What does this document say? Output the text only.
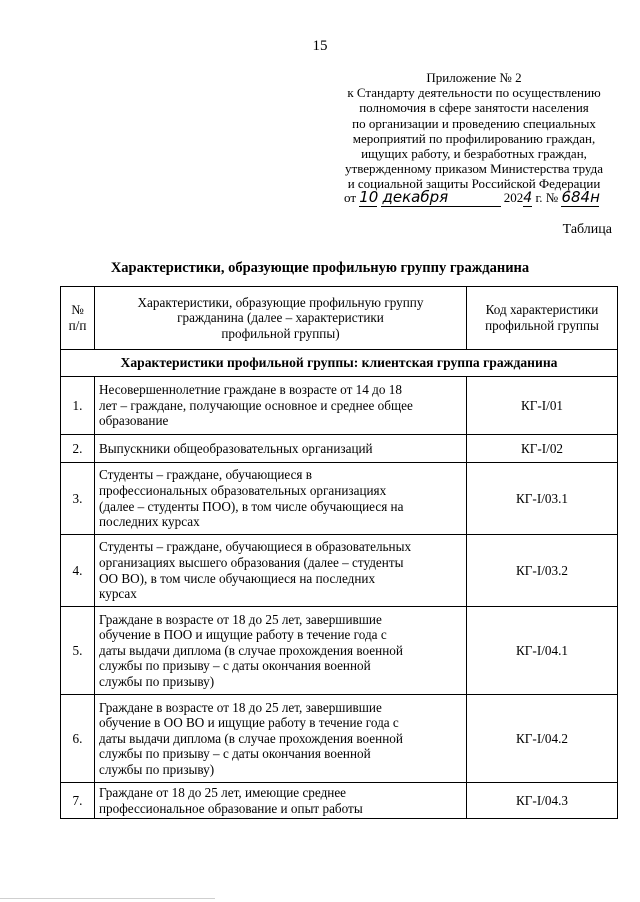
15
Приложение № 2
к Стандарту деятельности по осуществлению
полномочия в сфере занятости населения
по организации и проведению специальных
мероприятий по профилированию граждан,
ищущих работу, и безработных граждан,
утвержденному приказом Министерства труда
и социальной защиты Российской Федерации
от 10 декабря	2024 г. № 684н
Таблица
Характеристики, образующие профильную группу гражданина
№
п/п	Характеристики, образующие профильную группу
гражданина (далее – характеристики
профильной группы)	Код характеристики
профильной группы
Характеристики профильной группы: клиентская группа гражданина		
1.	Несовершеннолетние граждане в возрасте от 14 до 18
лет – граждане, получающие основное и среднее общее
образование	КГ-I/01
2.	Выпускники общеобразовательных организаций	КГ-I/02
3.	Студенты – граждане, обучающиеся в
профессиональных образовательных организациях
(далее – студенты ПОО), в том числе обучающиеся на
последних курсах	КГ-I/03.1
4.	Студенты – граждане, обучающиеся в образовательных
организациях высшего образования (далее – студенты
ОО ВО), в том числе обучающиеся на последних
курсах	КГ-I/03.2
5.	Граждане в возрасте от 18 до 25 лет, завершившие
обучение в ПОО и ищущие работу в течение года с
даты выдачи диплома (в случае прохождения военной
службы по призыву – с даты окончания военной
службы по призыву)	КГ-I/04.1
6.	Граждане в возрасте от 18 до 25 лет, завершившие
обучение в ОО ВО и ищущие работу в течение года с
даты выдачи диплома (в случае прохождения военной
службы по призыву – с даты окончания военной
службы по призыву)	КГ-I/04.2
7.	Граждане от 18 до 25 лет, имеющие среднее
профессиональное образование и опыт работы	КГ-I/04.3
